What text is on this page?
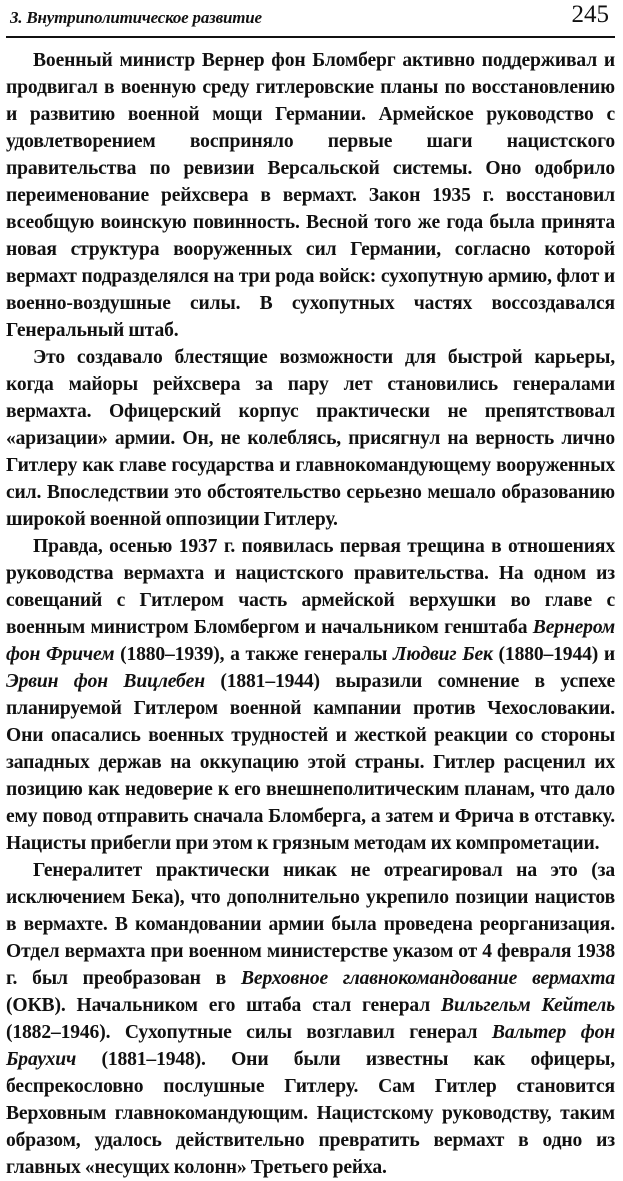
3. Внутриполитическое развитие	245

Военный министр Вернер фон Бломберг активно поддерживал и продвигал в военную среду гитлеровские планы по восстановлению и развитию военной мощи Германии. Армейское руководство с удовлетворением восприняло первые шаги нацистского правительства по ревизии Версальской системы. Оно одобрило переименование рейхсвера в вермахт. Закон 1935 г. восстановил всеобщую воинскую повинность. Весной того же года была принята новая структура вооруженных сил Германии, согласно которой вермахт подразделялся на три рода войск: сухопутную армию, флот и военно-воздушные силы. В сухопутных частях воссоздавался Генеральный штаб.

Это создавало блестящие возможности для быстрой карьеры, когда майоры рейхсвера за пару лет становились генералами вермахта. Офицерский корпус практически не препятствовал «аризации» армии. Он, не колеблясь, присягнул на верность лично Гитлеру как главе государства и главнокомандующему вооруженных сил. Впоследствии это обстоятельство серьезно мешало образованию широкой военной оппозиции Гитлеру.

Правда, осенью 1937 г. появилась первая трещина в отношениях руководства вермахта и нацистского правительства. На одном из совещаний с Гитлером часть армейской верхушки во главе с военным министром Бломбергом и начальником генштаба Вернером фон Фричем (1880–1939), а также генералы Людвиг Бек (1880–1944) и Эрвин фон Вицлебен (1881–1944) выразили сомнение в успехе планируемой Гитлером военной кампании против Чехословакии. Они опасались военных трудностей и жесткой реакции со стороны западных держав на оккупацию этой страны. Гитлер расценил их позицию как недоверие к его внешнеполитическим планам, что дало ему повод отправить сначала Бломберга, а затем и Фрича в отставку. Нацисты прибегли при этом к грязным методам их компрометации.

Генералитет практически никак не отреагировал на это (за исключением Бека), что дополнительно укрепило позиции нацистов в вермахте. В командовании армии была проведена реорганизация. Отдел вермахта при военном министерстве указом от 4 февраля 1938 г. был преобразован в Верховное главнокомандование вермахта (ОКВ). Начальником его штаба стал генерал Вильгельм Кейтель (1882–1946). Сухопутные силы возглавил генерал Вальтер фон Браухич (1881–1948). Они были известны как офицеры, беспрекословно послушные Гитлеру. Сам Гитлер становится Верховным главнокомандующим. Нацистскому руководству, таким образом, удалось действительно превратить вермахт в одно из главных «несущих колонн» Третьего рейха.
